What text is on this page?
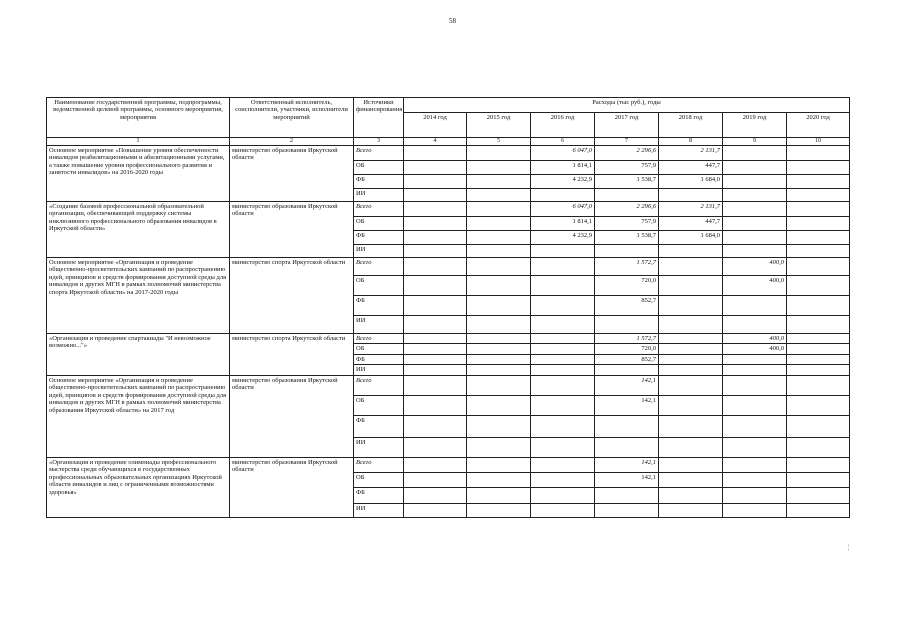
58
Наименование государственной программы, подпрограммы, ведомственной целевой программы, основного мероприятия, мероприятия	Ответственный исполнитель, соисполнители, участники, исполнители мероприятий	Источники финансирования	Расходы (тыс руб.), годы						
			2014 год	2015 год	2016 год	2017 год	2018 год	2019 год	2020 год
1	2	3	4	5	6	7	8	9	10
Основное мероприятие «Повышение уровня обеспеченности инвалидов реабилитационными и абилитационными услугами, а также повышение уровня профессионального развития и занятости инвалидов» на 2016-2020 годы	министерство образования Иркутской области	Всего			6 047,0	2 296,6	2 131,7		
		ОБ			1 814,1	757,9	447,7		
		ФБ			4 232,9	1 538,7	1 684,0		
		ИИ							
«Создание базовой профессиональной образовательной организации, обеспечивающей поддержку системы инклюзивного профессионального образования инвалидов в Иркутской области»	министерство образования Иркутской области	Всего			6 047,0	2 296,6	2 131,7		
		ОБ			1 814,1	757,9	447,7		
		ФБ			4 232,9	1 538,7	1 684,0		
		ИИ							
Основное мероприятие «Организация и проведение общественно-просветительских кампаний по распространению идей, принципов и средств формирования доступной среды для инвалидов и других МГН в рамках полномочий министерства спорта Иркутской области» на 2017-2020 годы	министерство спорта Иркутской области	Всего				1 572,7		400,0	
		ОБ				720,0		400,0	
		ФБ				852,7			
		ИИ							
«Организация и проведение спартакиады "И невозможное возможно..."»	министерство спорта Иркутской области	Всего				1 572,7		400,0	
		ОБ				720,0		400,0	
		ФБ				852,7			
		ИИ							
Основное мероприятие «Организация и проведение общественно-просветительских кампаний по распространению идей, принципов и средств формирования доступной среды для инвалидов и других МГН в рамках полномочий министерства образования Иркутской области» на 2017 год	министерство образования Иркутской области	Всего				142,1			
		ОБ				142,1			
		ФБ							
		ИИ							
«Организация и проведение олимпиады профессионального мастерства среди обучающихся в государственных профессиональных образовательных организациях Иркутской области инвалидов и лиц с ограниченными возможностями здоровья»	министерство образования Иркутской области	Всего				142,1			
		ОБ				142,1			
		ФБ							
		ИИ							
¦
